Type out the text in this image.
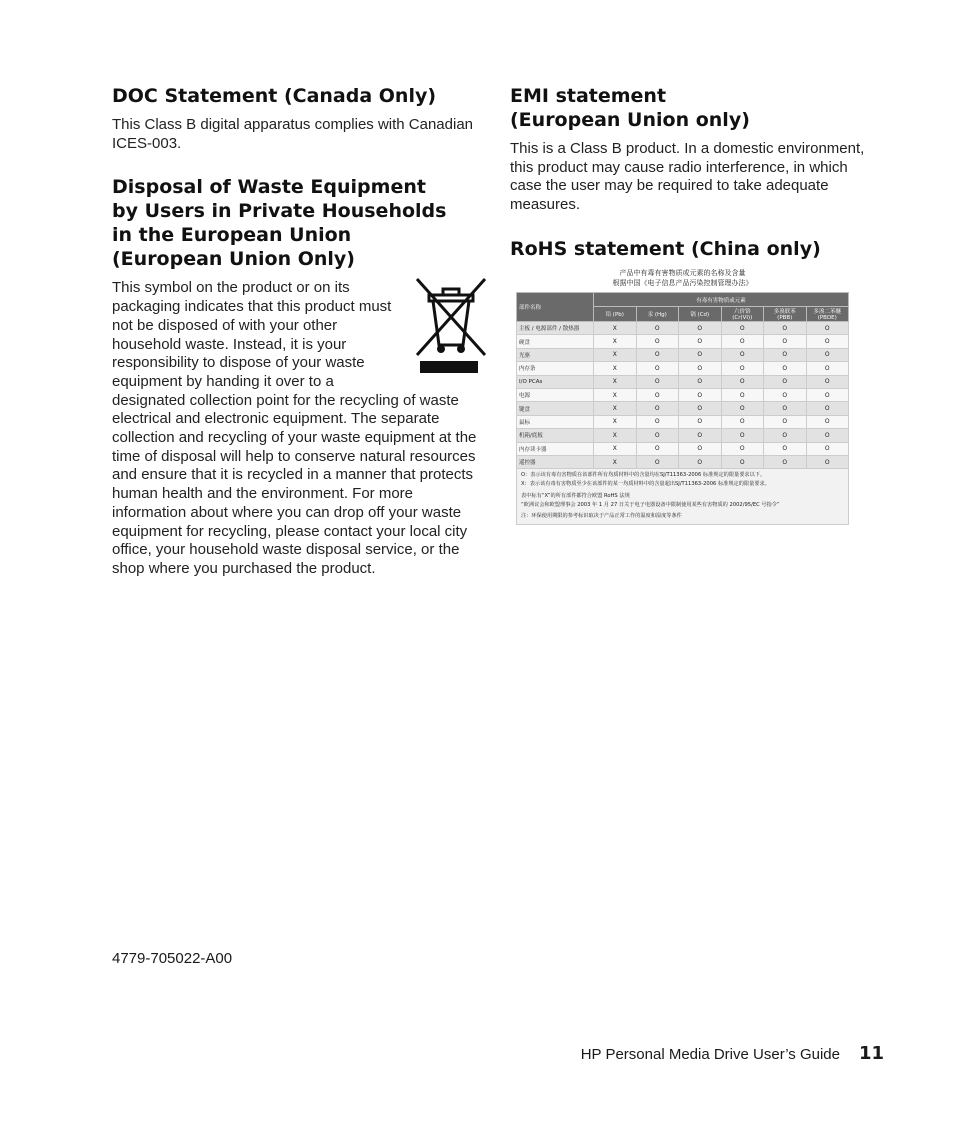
DOC Statement (Canada Only)

This Class B digital apparatus complies with Canadian ICES-003.

Disposal of Waste Equipment by Users in Private Households in the European Union (European Union Only)

This symbol on the product or on its packaging indicates that this product must not be disposed of with your other household waste. Instead, it is your responsibility to dispose of your waste equipment by handing it over to a designated collection point for the recycling of waste electrical and electronic equipment. The separate collection and recycling of your waste equipment at the time of disposal will help to conserve natural resources and ensure that it is recycled in a manner that protects human health and the environment. For more information about where you can drop off your waste equipment for recycling, please contact your local city office, your household waste disposal service, or the shop where you purchased the product.

EMI statement (European Union only)

This is a Class B product. In a domestic environment, this product may cause radio interference, in which case the user may be required to take adequate measures.

RoHS statement (China only)
产品中有毒有害物质或元素的名称及含量
根据中国《电子信息产品污染控制管理办法》
部件名称	有毒有害物质或元素					
	铅 (Pb)	汞 (Hg)	镉 (Cd)	六价铬 (Cr(VI))	多溴联苯 (PBB)	多溴二苯醚 (PBDE)
主板 / 电源部件 / 散热器	X	O	O	O	O	O
硬盘	X	O	O	O	O	O
光驱	X	O	O	O	O	O
内存条	X	O	O	O	O	O
I/O PCAs	X	O	O	O	O	O
电源	X	O	O	O	O	O
键盘	X	O	O	O	O	O
鼠标	X	O	O	O	O	O
机箱/底板	X	O	O	O	O	O
内存读卡器	X	O	O	O	O	O
遥控器	X	O	O	O	O	O
O：表示该有毒有害物质在该部件所有均质材料中的含量均在SJ/T11363-2006 标准规定的限量要求以下。
X：表示该有毒有害物质至少在该部件的某一均质材料中的含量超出SJ/T11363-2006 标准规定的限量要求。
表中标有“X”的所有部件都符合欧盟 RoHS 法规
“欧洲议会和欧盟理事会 2003 年 1 月 27 日关于电子电器设备中限制使用某些有害物质的 2002/95/EC 号指令”
注：环保使用期限的参考标识取决于产品正常工作的温度和湿度等条件
4779-705022-A00
HP Personal Media Drive User’s Guide 11
